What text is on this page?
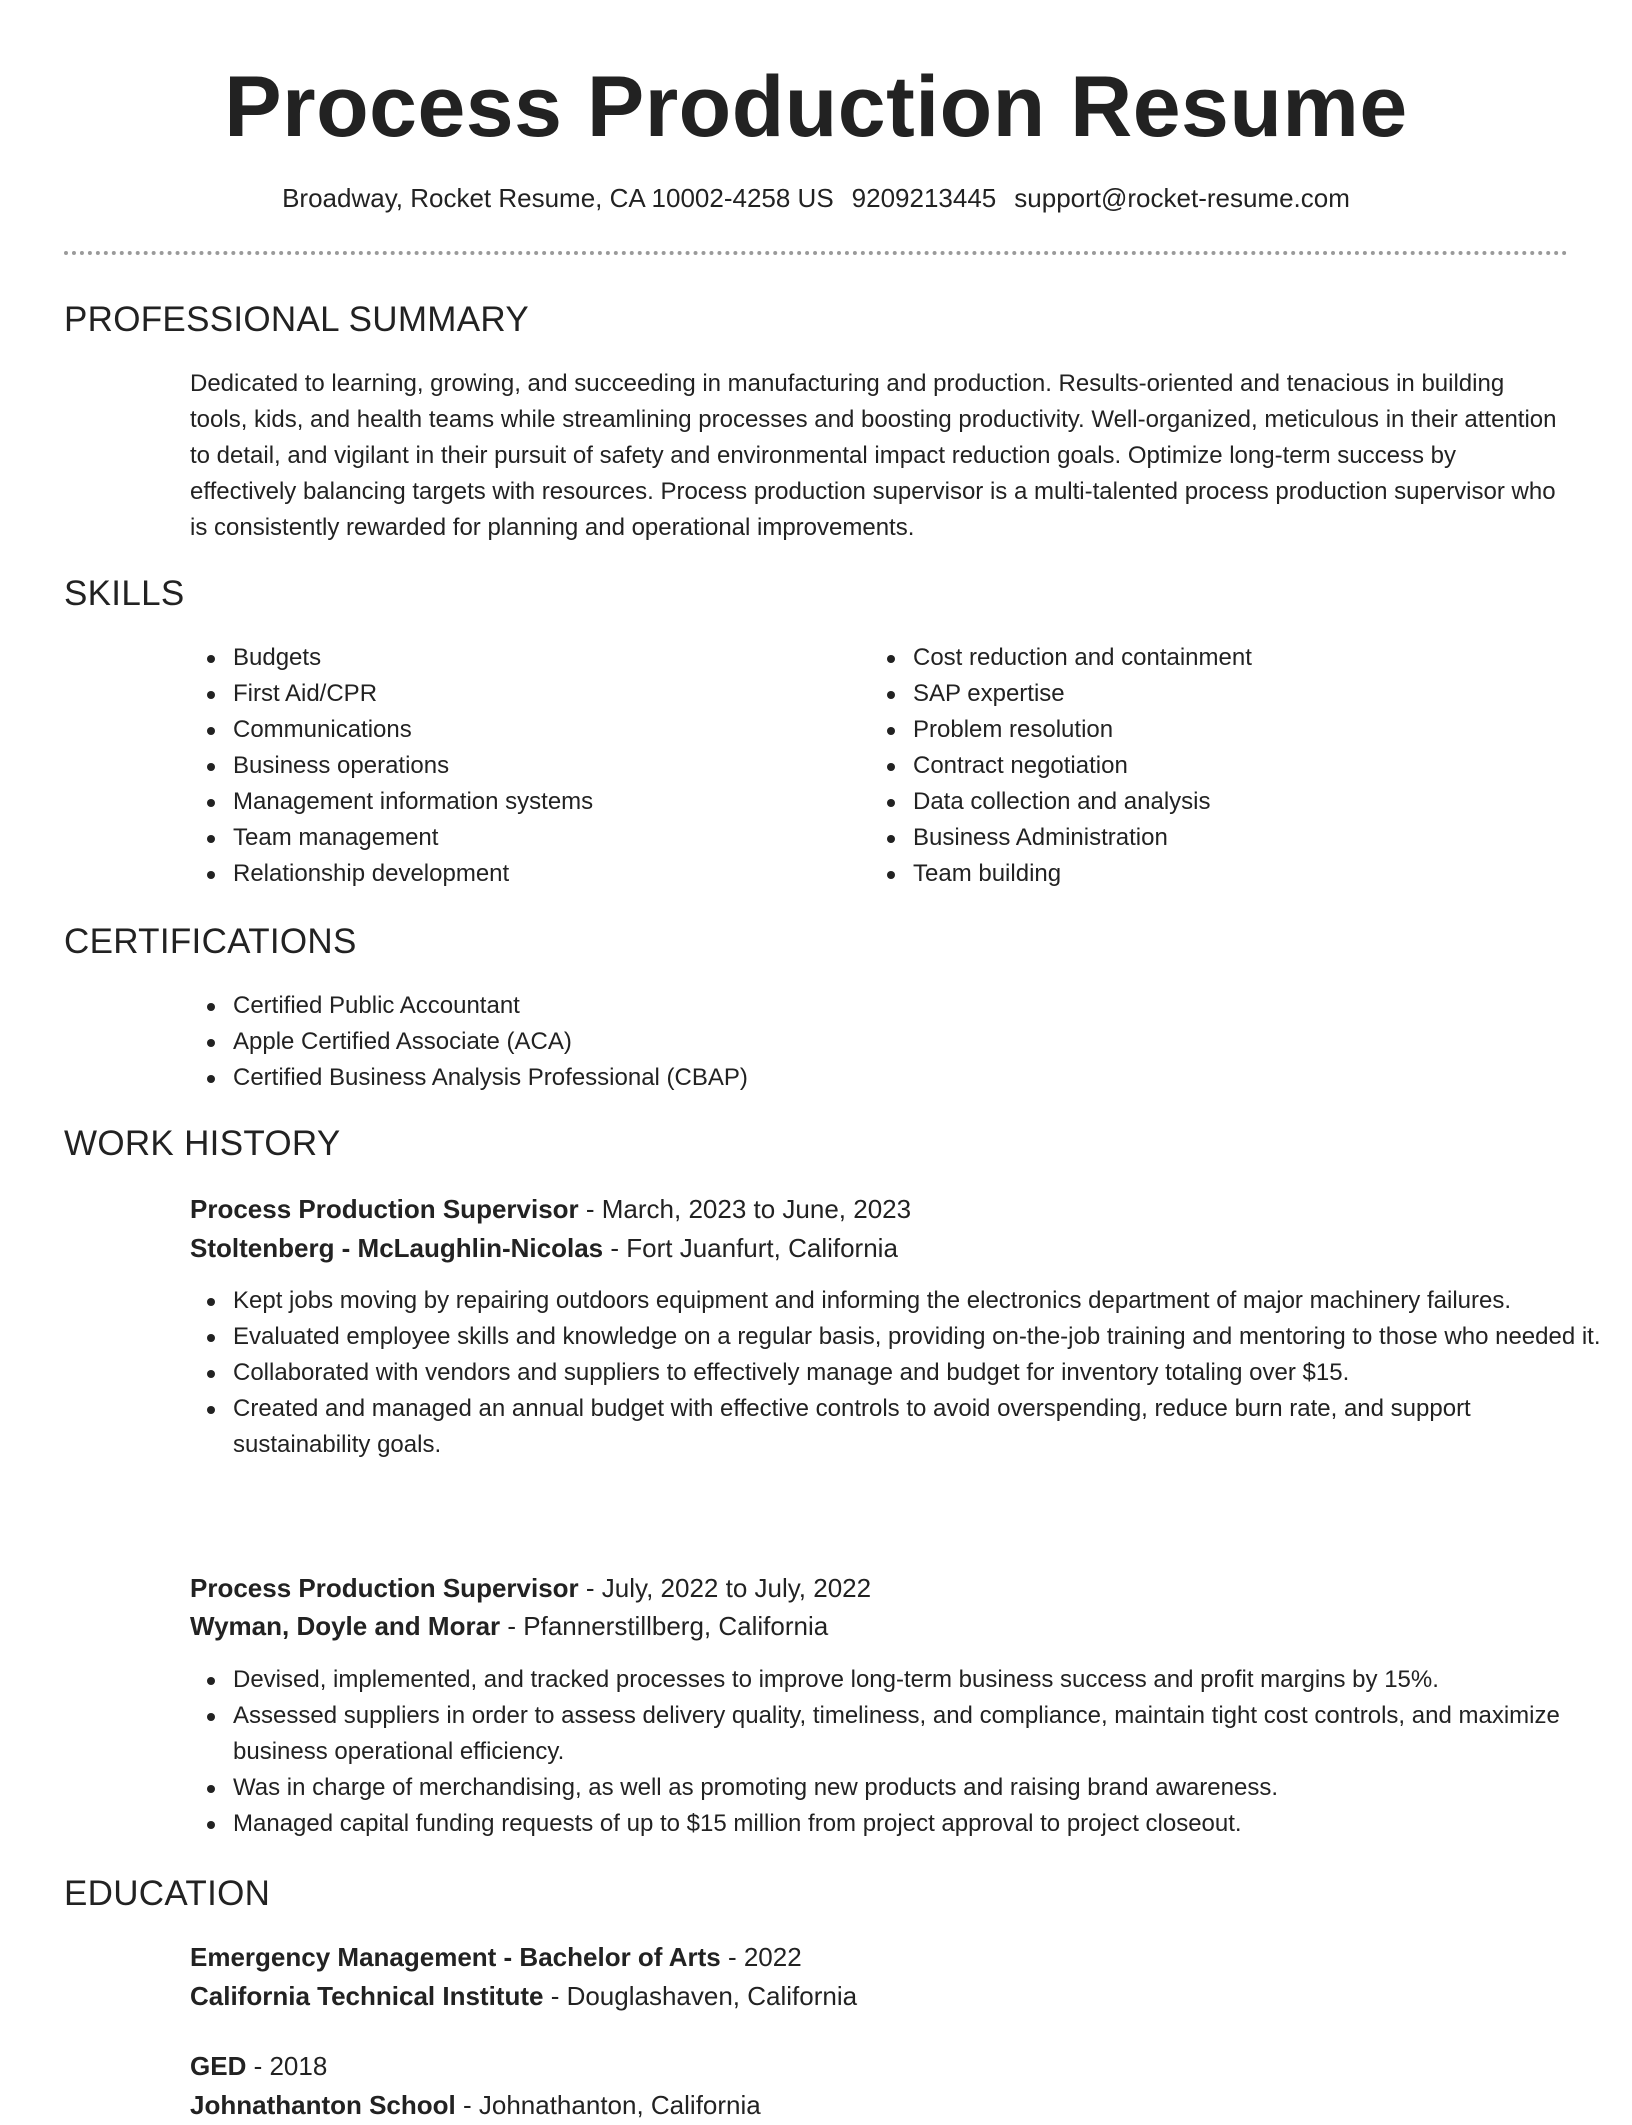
Process Production Resume
Broadway, Rocket Resume, CA 10002-4258 US 9209213445 support@rocket-resume.com
PROFESSIONAL SUMMARY
Dedicated to learning, growing, and succeeding in manufacturing and production. Results-oriented and tenacious in building tools, kids, and health teams while streamlining processes and boosting productivity. Well-organized, meticulous in their attention to detail, and vigilant in their pursuit of safety and environmental impact reduction goals. Optimize long-term success by effectively balancing targets with resources. Process production supervisor is a multi-talented process production supervisor who is consistently rewarded for planning and operational improvements.
SKILLS
Budgets
First Aid/CPR
Communications
Business operations
Management information systems
Team management
Relationship development
Cost reduction and containment
SAP expertise
Problem resolution
Contract negotiation
Data collection and analysis
Business Administration
Team building
CERTIFICATIONS
Certified Public Accountant
Apple Certified Associate (ACA)
Certified Business Analysis Professional (CBAP)
WORK HISTORY
Process Production Supervisor - March, 2023 to June, 2023
Stoltenberg - McLaughlin-Nicolas - Fort Juanfurt, California
Kept jobs moving by repairing outdoors equipment and informing the electronics department of major machinery failures.
Evaluated employee skills and knowledge on a regular basis, providing on-the-job training and mentoring to those who needed it.
Collaborated with vendors and suppliers to effectively manage and budget for inventory totaling over $15.
Created and managed an annual budget with effective controls to avoid overspending, reduce burn rate, and support sustainability goals.
Process Production Supervisor - July, 2022 to July, 2022
Wyman, Doyle and Morar - Pfannerstillberg, California
Devised, implemented, and tracked processes to improve long-term business success and profit margins by 15%.
Assessed suppliers in order to assess delivery quality, timeliness, and compliance, maintain tight cost controls, and maximize business operational efficiency.
Was in charge of merchandising, as well as promoting new products and raising brand awareness.
Managed capital funding requests of up to $15 million from project approval to project closeout.
EDUCATION
Emergency Management - Bachelor of Arts - 2022
California Technical Institute - Douglashaven, California
GED - 2018
Johnathanton School - Johnathanton, California
